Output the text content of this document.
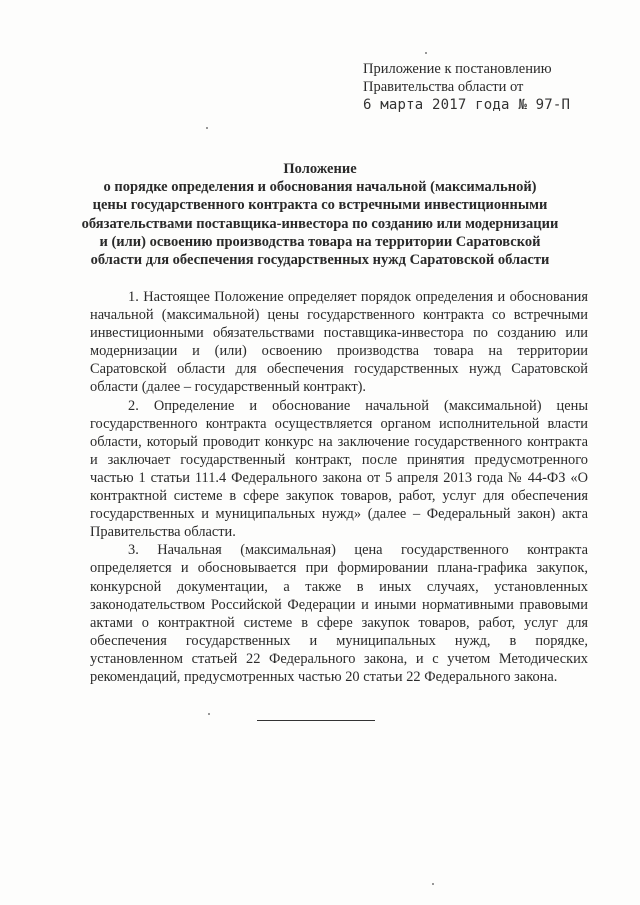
Приложение к постановлению
Правительства области от
6 марта 2017 года № 97-П
Положение
о порядке определения и обоснования начальной (максимальной)
цены государственного контракта со встречными инвестиционными
обязательствами поставщика-инвестора по созданию или модернизации
и (или) освоению производства товара на территории Саратовской
области для обеспечения государственных нужд Саратовской области

1. Настоящее Положение определяет порядок определения и обоснования начальной (максимальной) цены государственного контракта со встречными инвестиционными обязательствами поставщика-инвестора по созданию или модернизации и (или) освоению производства товара на территории Саратовской области для обеспечения государственных нужд Саратовской области (далее – государственный контракт).

2. Определение и обоснование начальной (максимальной) цены государственного контракта осуществляется органом исполнительной власти области, который проводит конкурс на заключение государственного контракта и заключает государственный контракт, после принятия предусмотренного частью 1 статьи 111.4 Федерального закона от 5 апреля 2013 года № 44-ФЗ «О контрактной системе в сфере закупок товаров, работ, услуг для обеспечения государственных и муниципальных нужд» (далее – Федеральный закон) акта Правительства области.

3. Начальная (максимальная) цена государственного контракта определяется и обосновывается при формировании плана-графика закупок, конкурсной документации, а также в иных случаях, установленных законодательством Российской Федерации и иными нормативными правовыми актами о контрактной системе в сфере закупок товаров, работ, услуг для обеспечения государственных и муниципальных нужд, в порядке, установленном статьей 22 Федерального закона, и с учетом Методических рекомендаций, предусмотренных частью 20 статьи 22 Федерального закона.
